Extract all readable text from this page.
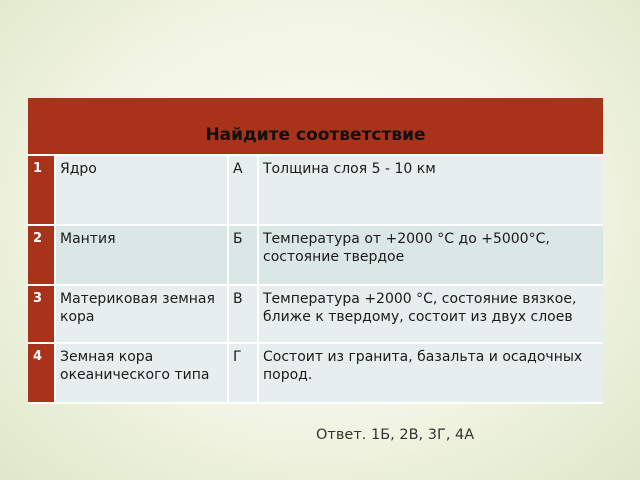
Найдите соответствие			
1	Ядро	А	Толщина слоя 5 - 10 км
2	Мантия	Б	Температура от +2000 °С до +5000°С, состояние твердое
3	Материковая земная кора	В	Температура +2000 °С, состояние вязкое, ближе к твердому, состоит из двух слоев
4	Земная кора океанического типа	Г	Состоит из гранита, базальта и осадочных пород.
Ответ. 1Б, 2В, 3Г, 4А
